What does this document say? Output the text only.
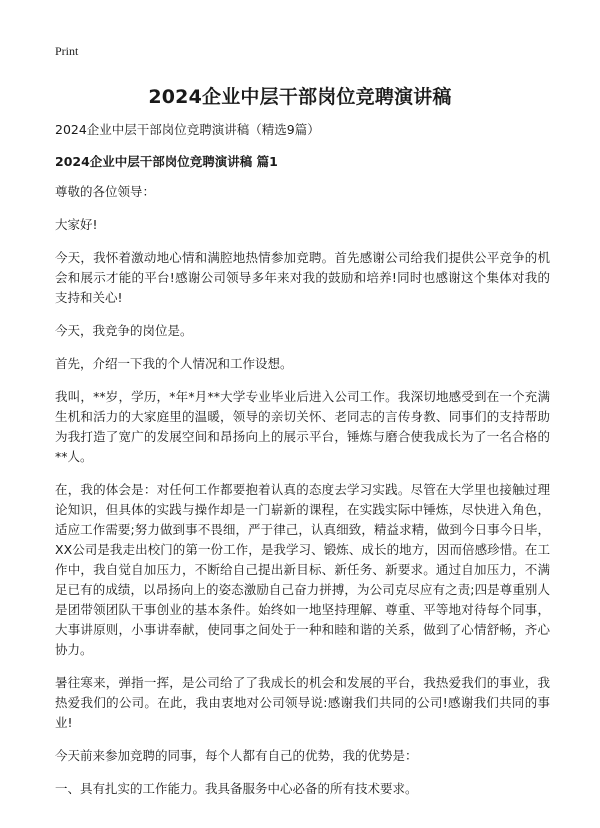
Print
2024企业中层干部岗位竞聘演讲稿

2024企业中层干部岗位竞聘演讲稿（精选9篇）

2024企业中层干部岗位竞聘演讲稿 篇1

尊敬的各位领导：

大家好!

今天，我怀着激动地心情和满腔地热情参加竞聘。首先感谢公司给我们提供公平竞争的机会和展示才能的平台!感谢公司领导多年来对我的鼓励和培养!同时也感谢这个集体对我的支持和关心!

今天，我竞争的岗位是。

首先，介绍一下我的个人情况和工作设想。

我叫，**岁，学历，*年*月**大学专业毕业后进入公司工作。我深切地感受到在一个充满生机和活力的大家庭里的温暖，领导的亲切关怀、老同志的言传身教、同事们的支持帮助为我打造了宽广的发展空间和昂扬向上的展示平台，锤炼与磨合使我成长为了一名合格的**人。

在，我的体会是：对任何工作都要抱着认真的态度去学习实践。尽管在大学里也接触过理论知识，但具体的实践与操作却是一门崭新的课程，在实践实际中锤炼，尽快进入角色，适应工作需要;努力做到事不畏细，严于律己，认真细致，精益求精，做到今日事今日毕，XX公司是我走出校门的第一份工作，是我学习、锻炼、成长的地方，因而倍感珍惜。在工作中，我自觉自加压力，不断给自己提出新目标、新任务、新要求。通过自加压力，不满足已有的成绩，以昂扬向上的姿态激励自己奋力拼搏，为公司克尽应有之责;四是尊重别人是团带领团队干事创业的基本条件。始终如一地坚持理解、尊重、平等地对待每个同事，大事讲原则，小事讲奉献，使同事之间处于一种和睦和谐的关系，做到了心情舒畅，齐心协力。

暑往寒来，弹指一挥，是公司给了了我成长的机会和发展的平台，我热爱我们的事业，我热爱我们的公司。在此，我由衷地对公司领导说:感谢我们共同的公司!感谢我们共同的事业!

今天前来参加竞聘的同事，每个人都有自己的优势，我的优势是：

一、具有扎实的工作能力。我具备服务中心必备的所有技术要求。
